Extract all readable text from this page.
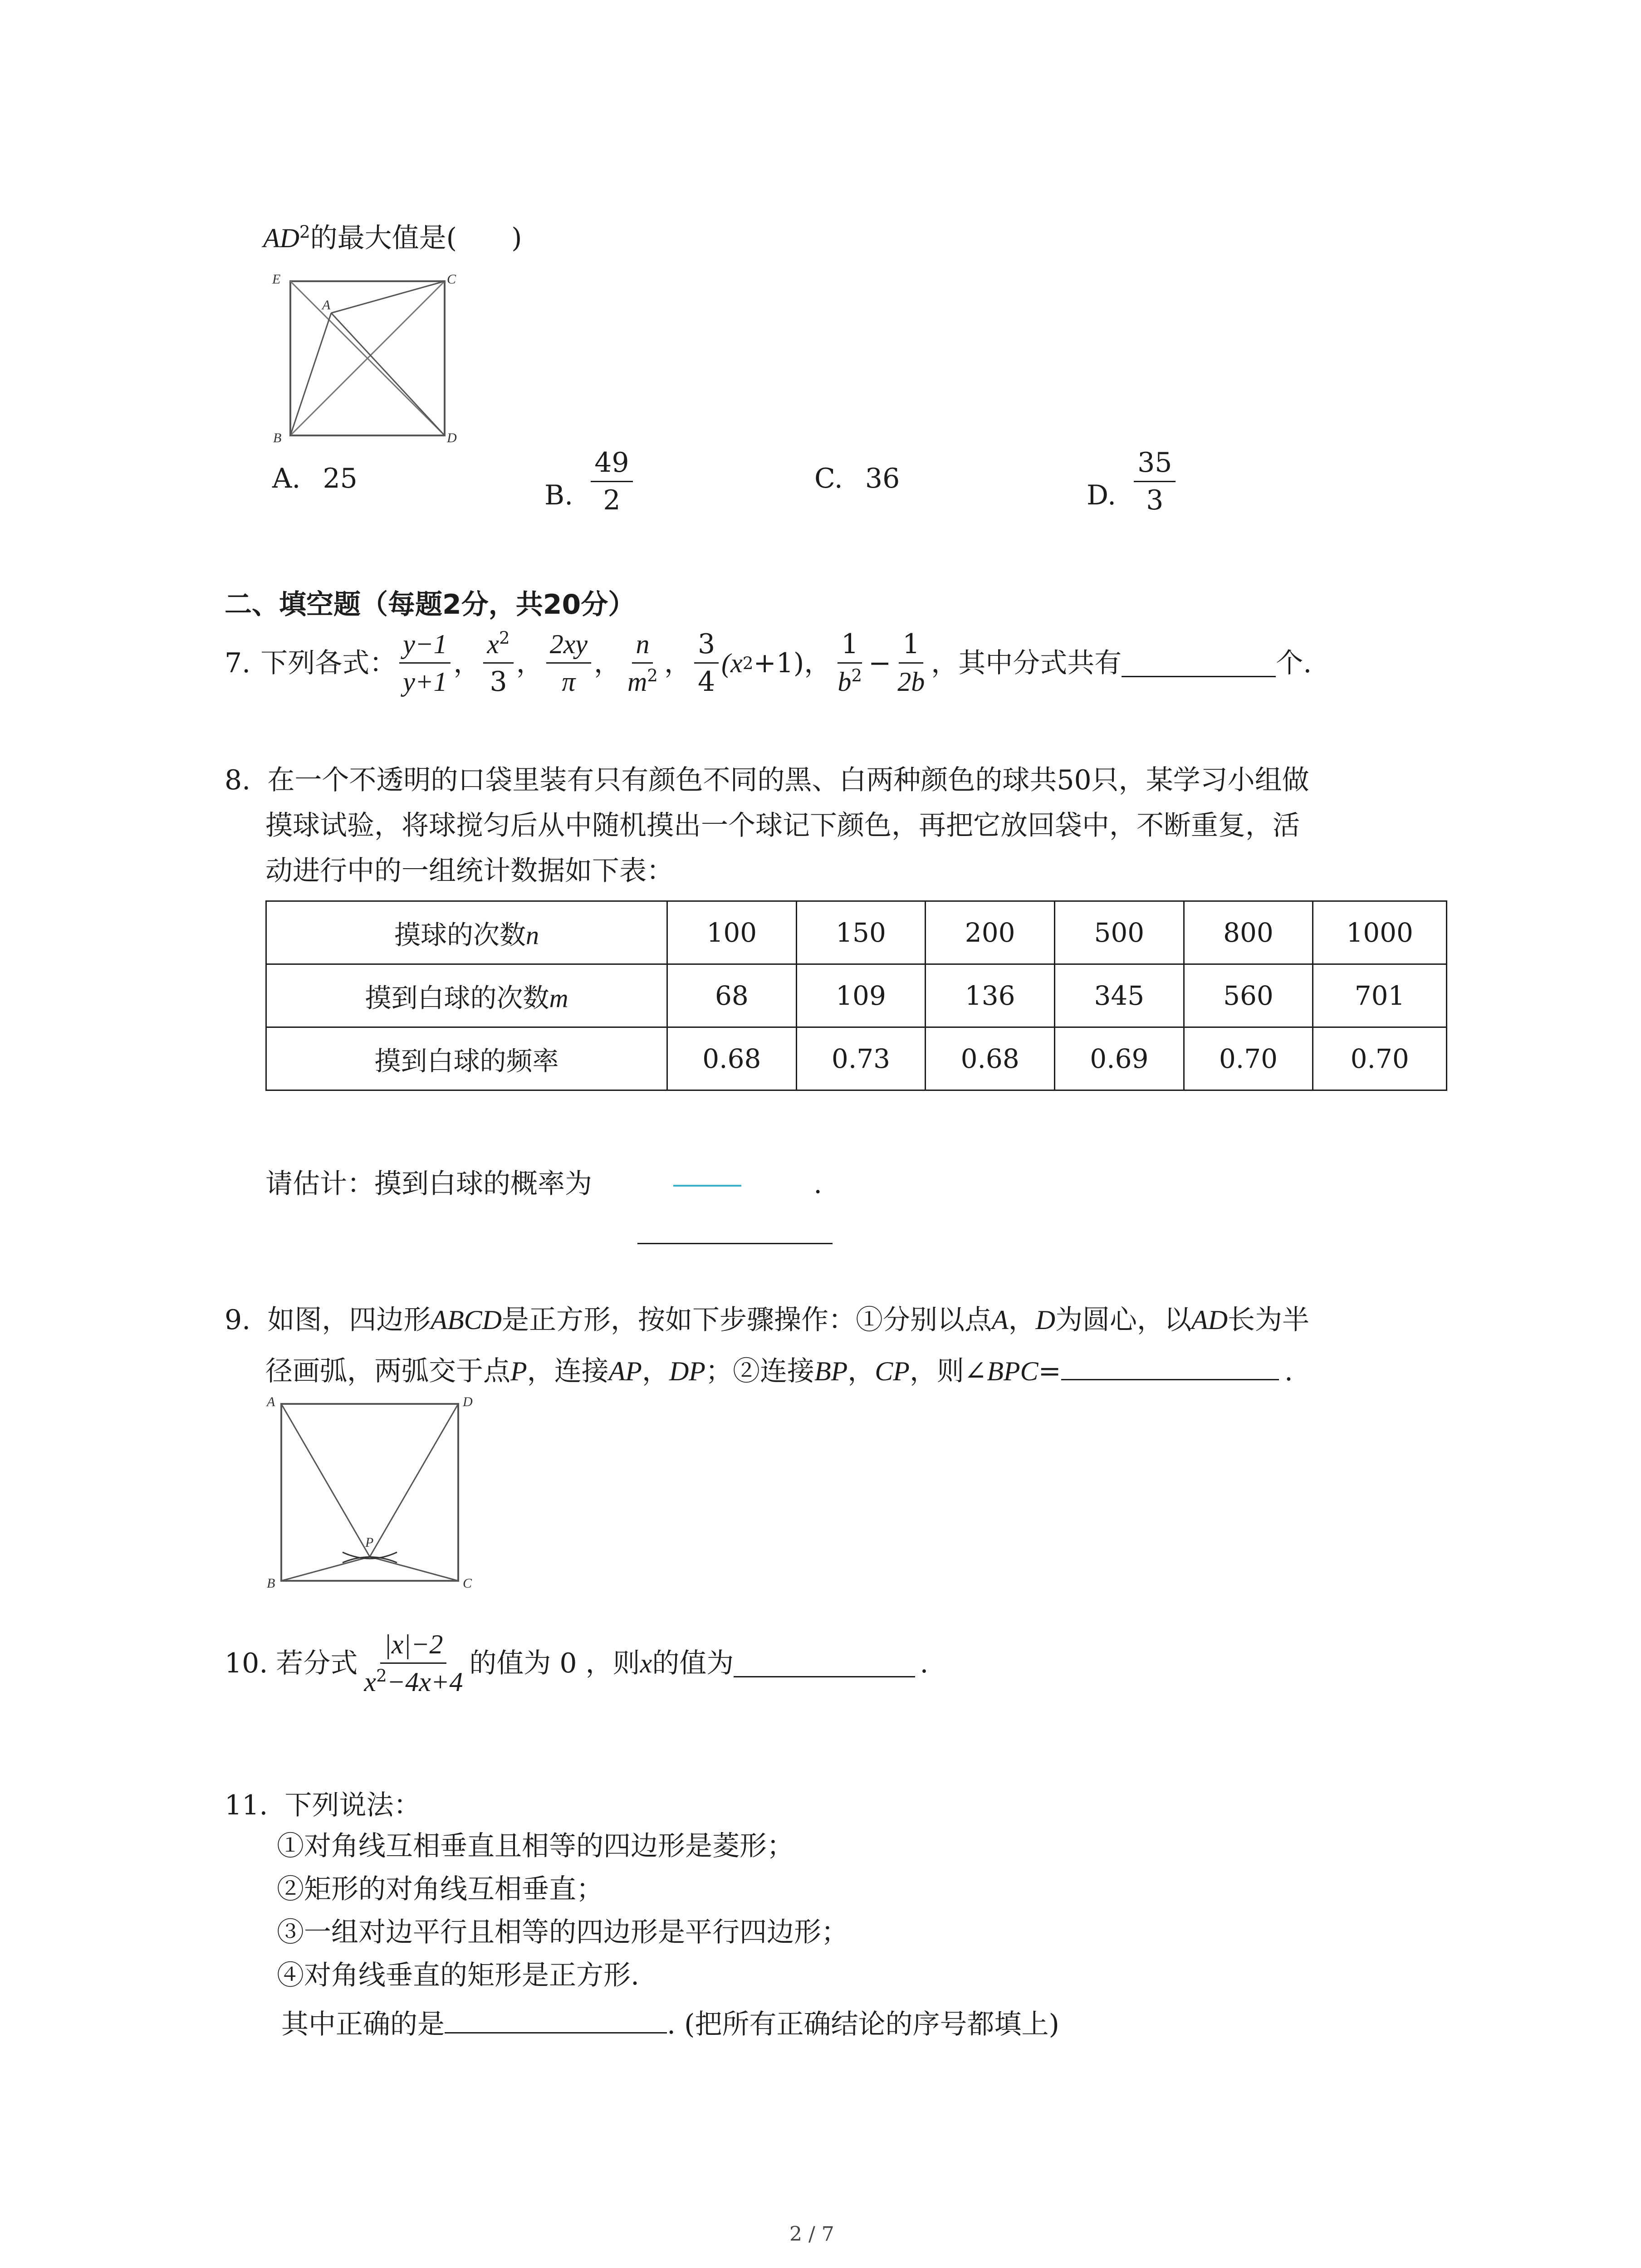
$AD^2$的最大值是( )
E
A
C
B	D
A. 25
B. $\frac{49}{2}$	C. 36
D. $\frac{35}{3}$
二、填空题（每题2分，共20分）
7. 下列各式： $\frac{y-1}{y+1}$ ， $\frac{x^2}{3}$ ， $\frac{2xy}{\pi}$ ， $\frac{n}{m^2}$ ， $\frac{3}{4} (x$ 2 +1) ， $\frac{1}{b^2} - \frac{1}{2b}$ ，其中分式共有	个.
8. 在一个不透明的口袋里装有只有颜色不同的黑、白两种颜色的球共50只，某学习小组做
摸球试验，将球搅匀后从中随机摸出一个球记下颜色，再把它放回袋中，不断重复，活
动进行中的一组统计数据如下表：
摸球的次数n	100	150	200	500	800	1000
摸到白球的次数m	68	109	136	345	560	701
摸到白球的频率	0.68	0.73	0.68	0.69	0.70	0.70
请估计：摸到白球的概率为	.
9. 如图，四边形ABCD是正方形，按如下步骤操作：①分别以点A，D为圆心，以AD长为半
径画弧，两弧交于点P，连接AP，DP；②连接BP，CP，则∠BPC=	.
A	D
P
B	C
10. 若分式 $\frac{|x|-2}{x^2-4x+4}$ 的值为 0 ，则 x 的值为	.
11. 下列说法：
①对角线互相垂直且相等的四边形是菱形；
②矩形的对角线互相垂直；
③一组对边平行且相等的四边形是平行四边形；
④对角线垂直的矩形是正方形.
其中正确的是	. (把所有正确结论的序号都填上)
2 / 7
